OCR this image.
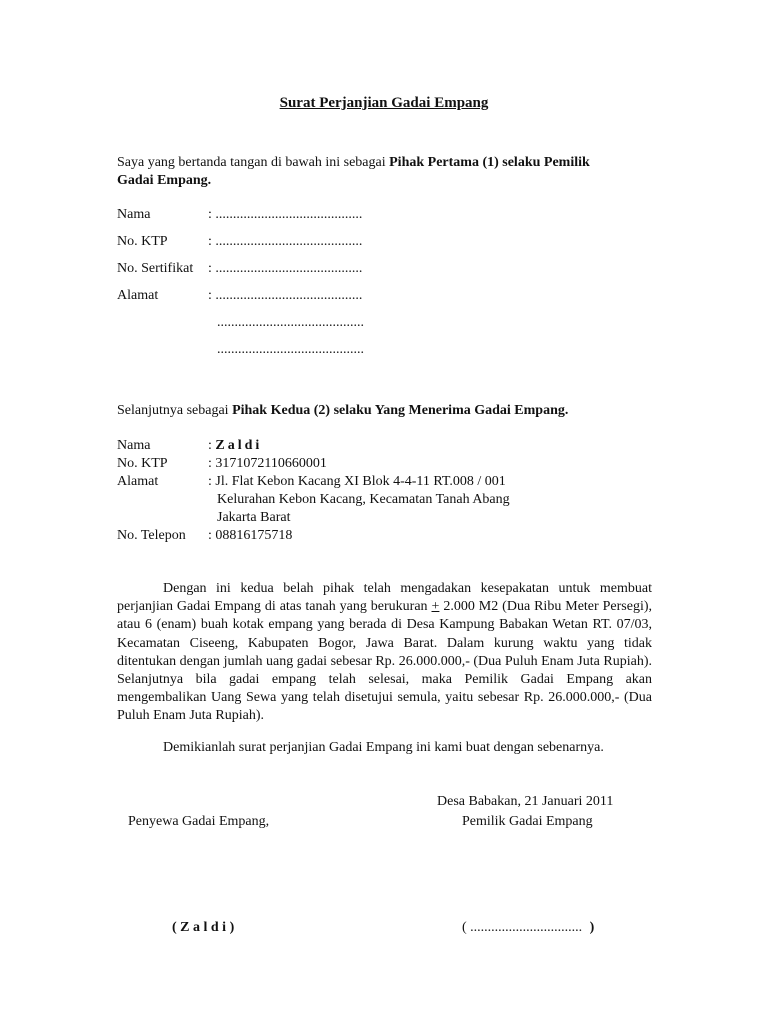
Surat Perjanjian Gadai Empang
Saya yang bertanda tangan di bawah ini sebagai Pihak Pertama (1) selaku Pemilik
Gadai Empang.
Nama	: ..........................................
No. KTP	: ..........................................
No. Sertifikat : ..........................................
Alamat	: ..........................................
..........................................
..........................................
Selanjutnya sebagai Pihak Kedua (2) selaku Yang Menerima Gadai Empang.
Nama	: Zaldi
No. KTP	: 3171072110660001
Alamat	: Jl. Flat Kebon Kacang XI Blok 4-4-11 RT.008 / 001
Kelurahan Kebon Kacang, Kecamatan Tanah Abang
Jakarta Barat
No. Telepon : 08816175718
Dengan ini kedua belah pihak telah mengadakan kesepakatan untuk membuat perjanjian Gadai Empang di atas tanah yang berukuran + 2.000 M2 (Dua Ribu Meter Persegi), atau 6 (enam) buah kotak empang yang berada di Desa Kampung Babakan Wetan RT. 07/03, Kecamatan Ciseeng, Kabupaten Bogor, Jawa Barat. Dalam kurung waktu yang tidak ditentukan dengan jumlah uang gadai sebesar Rp. 26.000.000,- (Dua Puluh Enam Juta Rupiah). Selanjutnya bila gadai empang telah selesai, maka Pemilik Gadai Empang akan mengembalikan Uang Sewa yang telah disetujui semula, yaitu sebesar Rp. 26.000.000,- (Dua Puluh Enam Juta Rupiah).
Demikianlah surat perjanjian Gadai Empang ini kami buat dengan sebenarnya.
Desa Babakan, 21 Januari 2011
Penyewa Gadai Empang,	Pemilik Gadai Empang
( Z a l d i )	( ................................ )
